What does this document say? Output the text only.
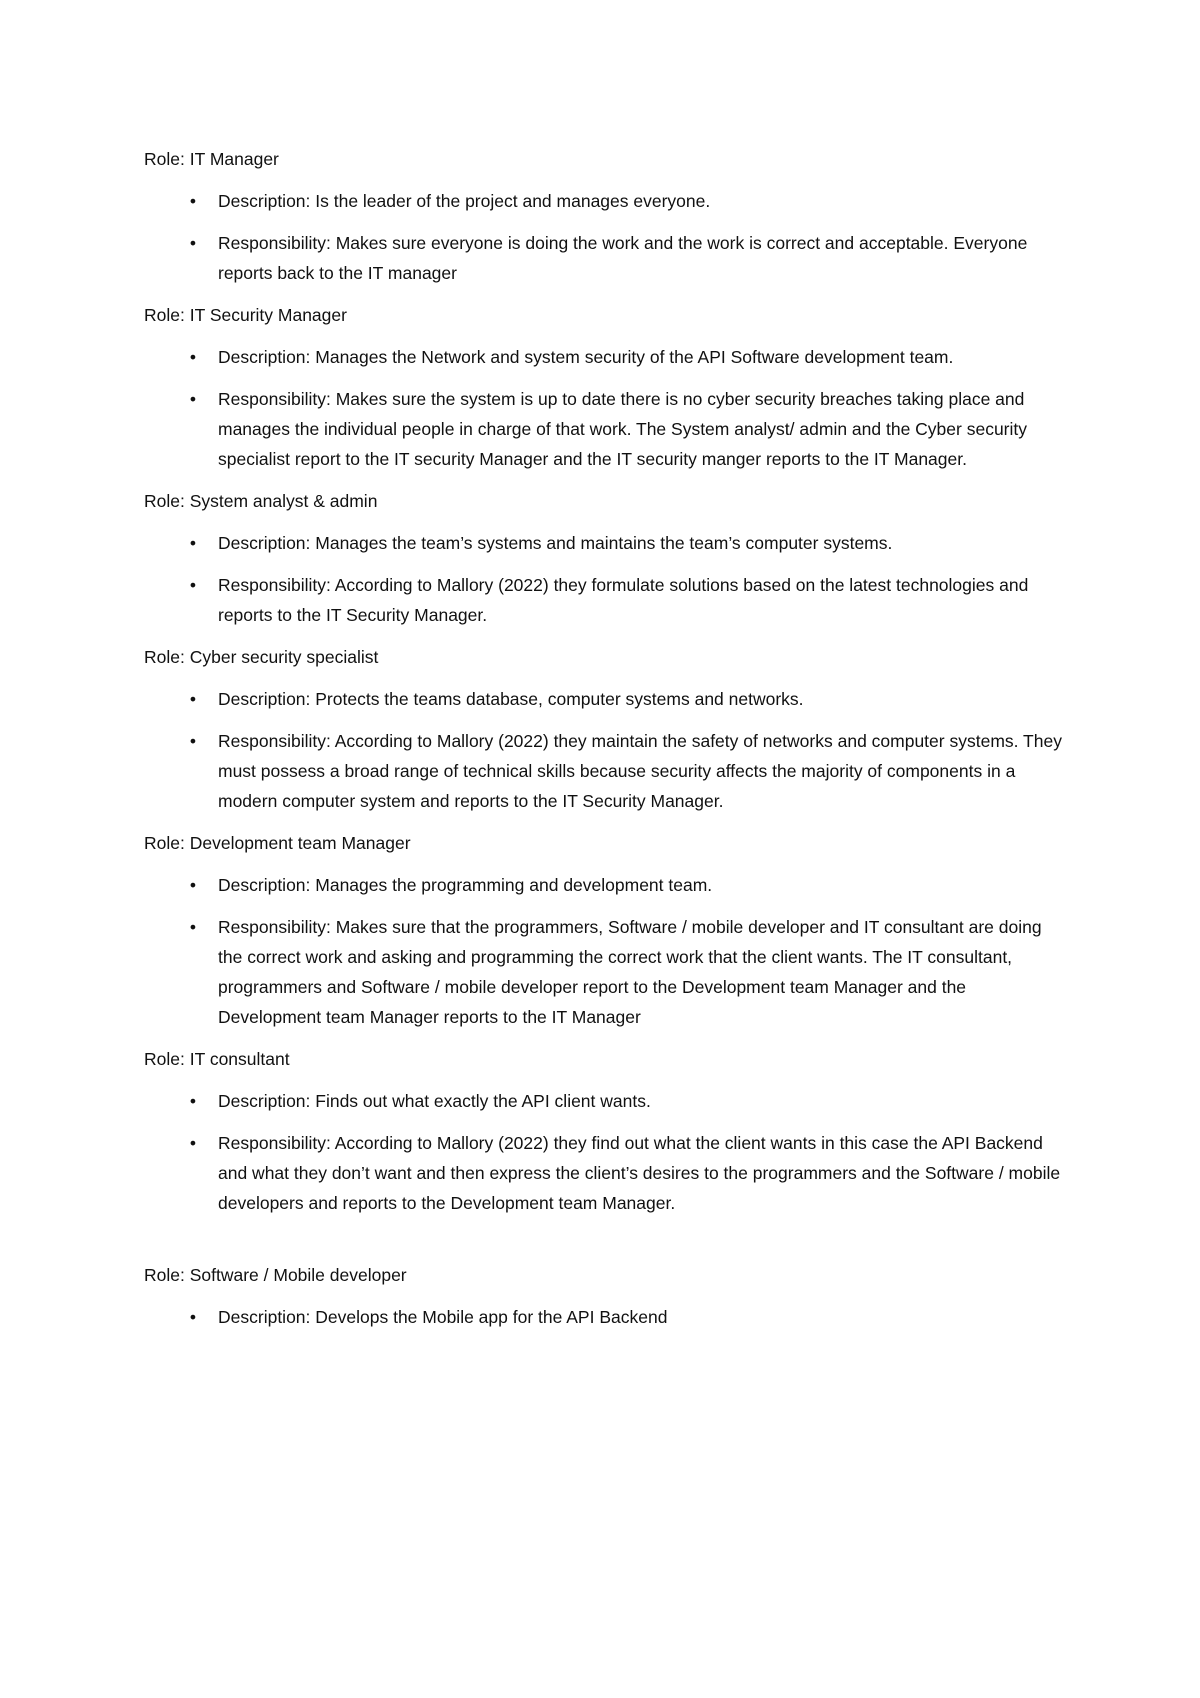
Role: IT Manager

•	Description: Is the leader of the project and manages everyone.
•	Responsibility: Makes sure everyone is doing the work and the work is correct and acceptable. Everyone reports back to the IT manager

Role: IT Security Manager

•	Description: Manages the Network and system security of the API Software development team.
•	Responsibility: Makes sure the system is up to date there is no cyber security breaches taking place and manages the individual people in charge of that work. The System analyst/ admin and the Cyber security specialist report to the IT security Manager and the IT security manger reports to the IT Manager.

Role: System analyst & admin

•	Description: Manages the team’s systems and maintains the team’s computer systems.
•	Responsibility: According to Mallory (2022) they formulate solutions based on the latest technologies and reports to the IT Security Manager.

Role: Cyber security specialist

•	Description: Protects the teams database, computer systems and networks.
•	Responsibility: According to Mallory (2022) they maintain the safety of networks and computer systems. They must possess a broad range of technical skills because security affects the majority of components in a modern computer system and reports to the IT Security Manager.

Role: Development team Manager

•	Description: Manages the programming and development team.
•	Responsibility: Makes sure that the programmers, Software / mobile developer and IT consultant are doing the correct work and asking and programming the correct work that the client wants. The IT consultant, programmers and Software / mobile developer report to the Development team Manager and the Development team Manager reports to the IT Manager

Role: IT consultant

•	Description: Finds out what exactly the API client wants.
•	Responsibility: According to Mallory (2022) they find out what the client wants in this case the API Backend and what they don’t want and then express the client’s desires to the programmers and the Software / mobile developers and reports to the Development team Manager.

Role: Software / Mobile developer

•	Description: Develops the Mobile app for the API Backend
